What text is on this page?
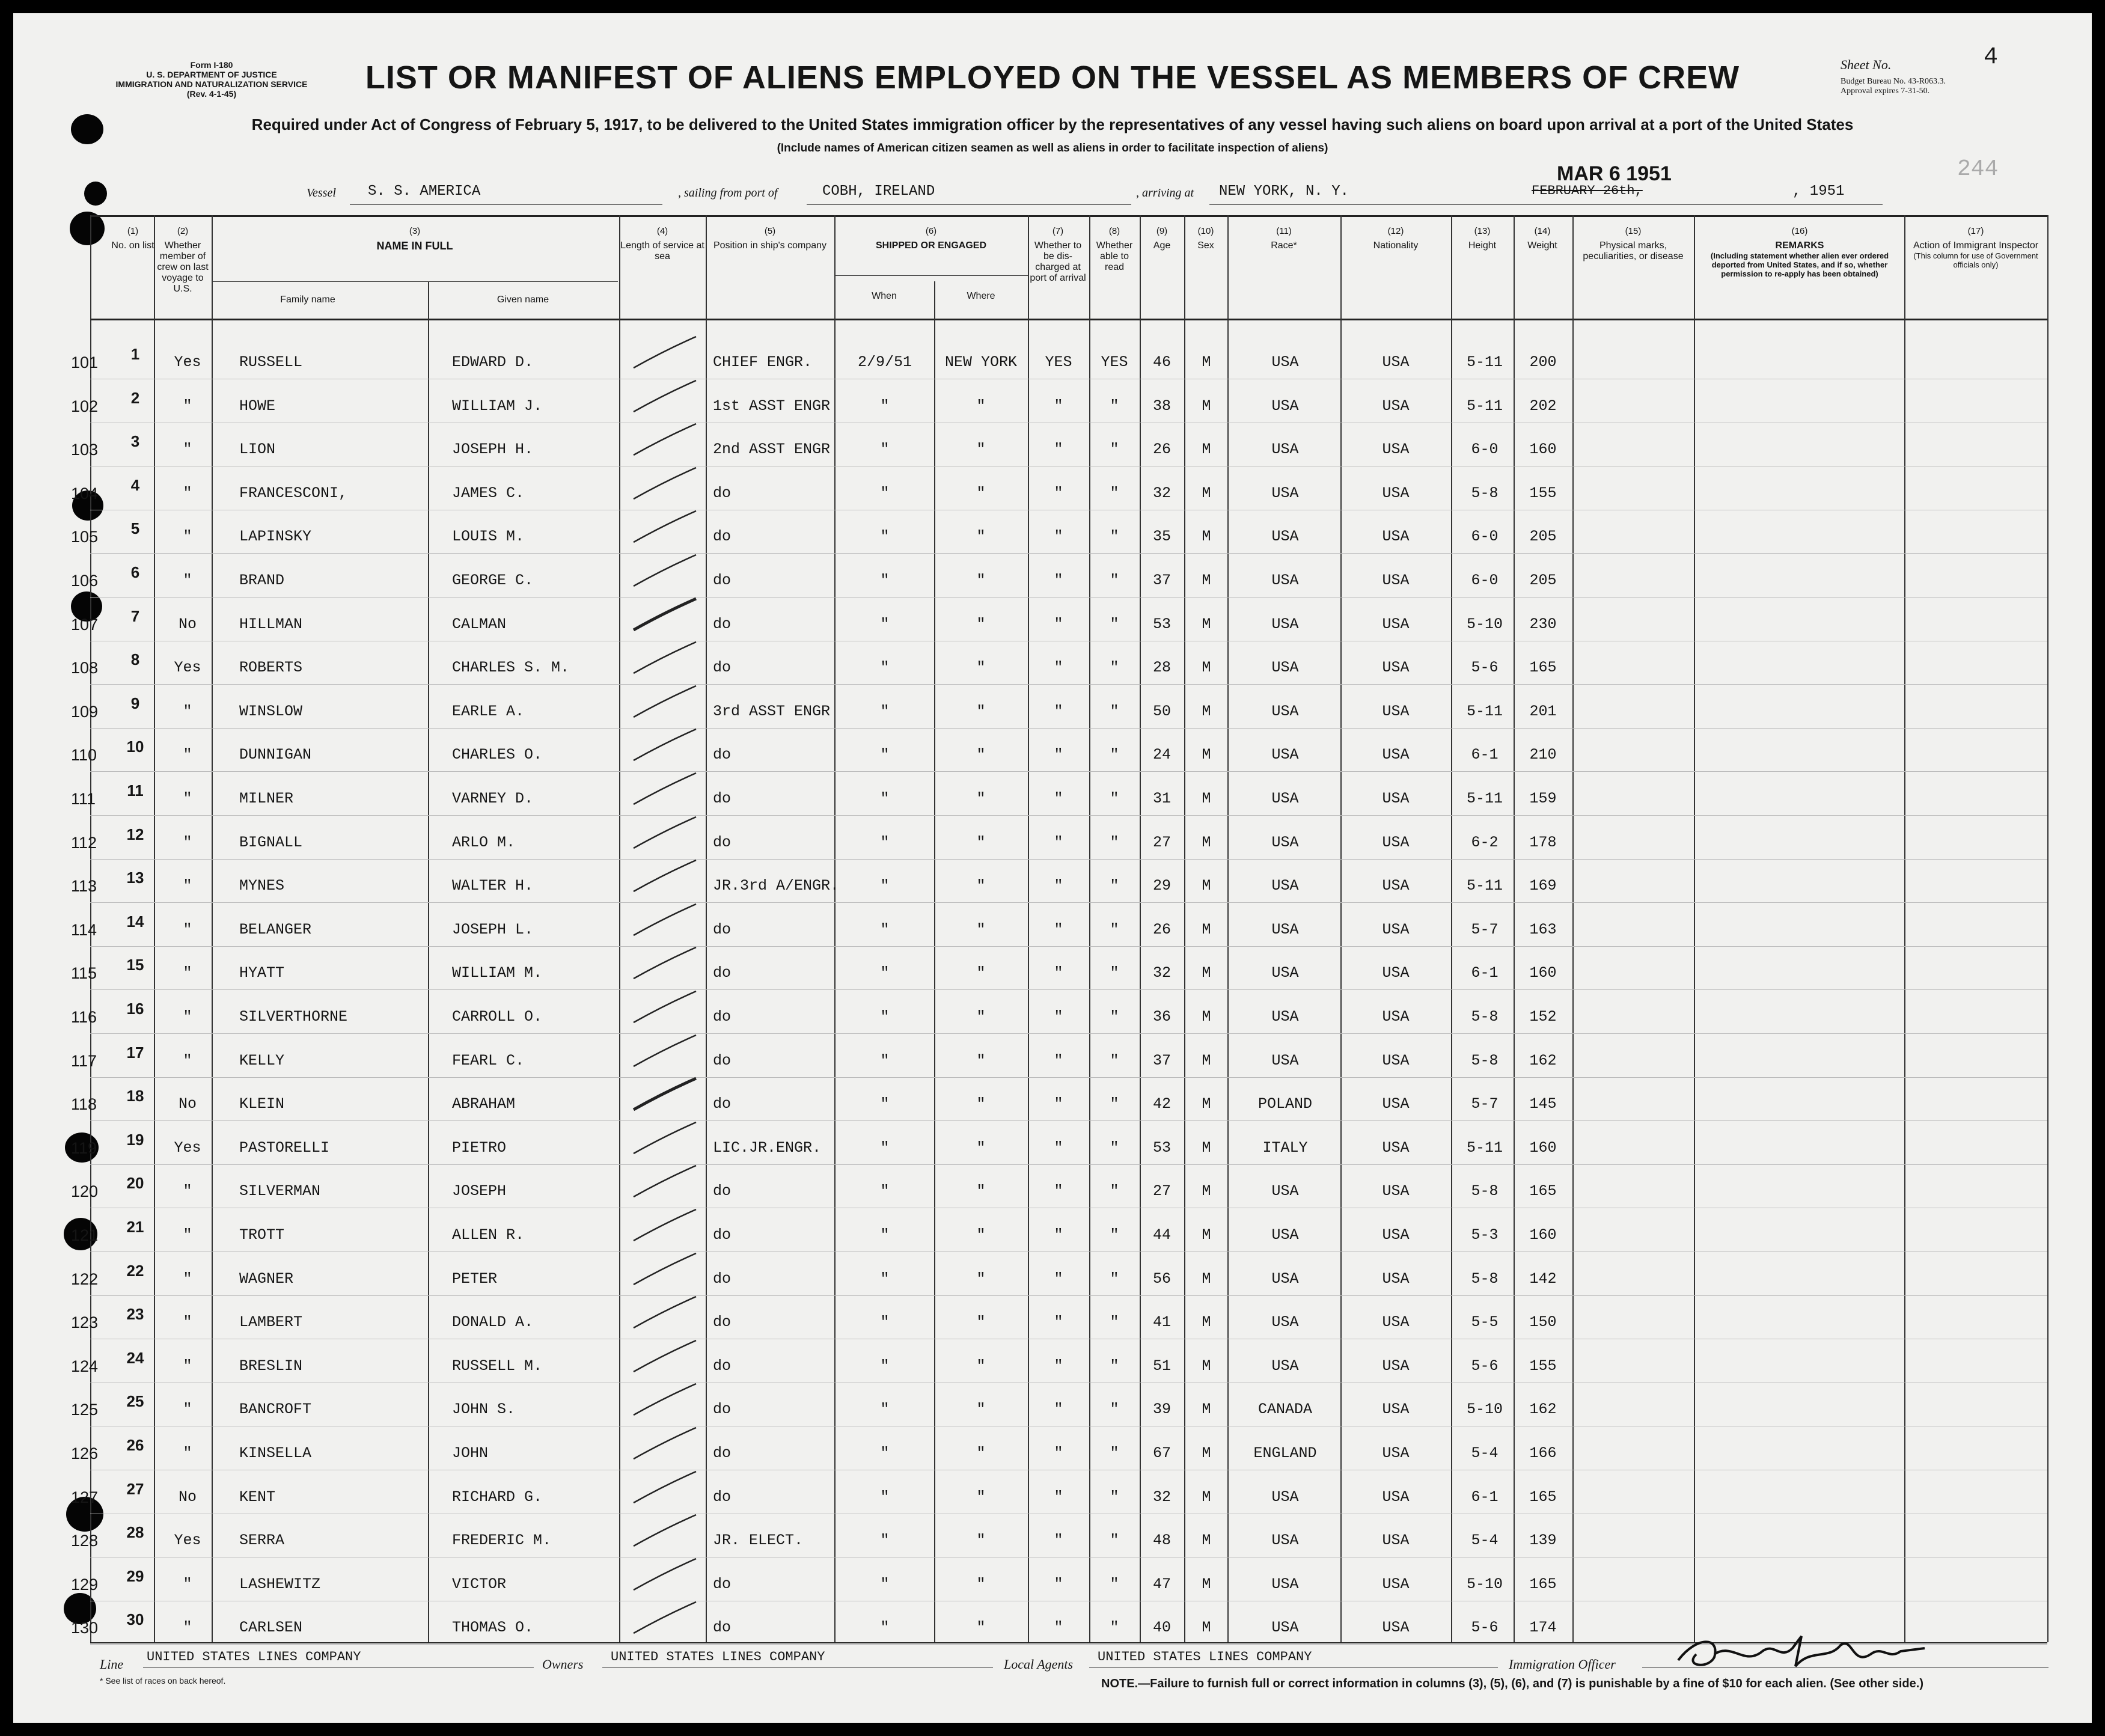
Form I-180
U. S. DEPARTMENT OF JUSTICE
IMMIGRATION AND NATURALIZATION SERVICE
(Rev. 4-1-45)	LIST OR MANIFEST OF ALIENS EMPLOYED ON THE VESSEL AS MEMBERS OF CREW
Required under Act of Congress of February 5, 1917, to be delivered to the United States immigration officer by the representatives of any vessel having such aliens on board upon arrival at a port of the United States
(Include names of American citizen seamen as well as aliens in order to facilitate inspection of aliens)
Sheet No.	4
Budget Bureau No. 43-R063.3.
Approval expires 7-31-50.
244
Vessel S. S. AMERICA	, sailing from port of	COBH, IRELAND	, arriving at NEW YORK, N. Y.
MAR 6 1951
FEBRUARY 26th,	, 1951
(1)
No. on list
(2)
Whether member of crew on last voyage to U.S.
(3)
NAME IN FULL
Family name	Given name
(4)
Length of service at sea
(5)
Position in ship's company
(6)
SHIPPED OR ENGAGED
When	Where
(7)
Whether to be dis-charged at port of arrival
(8)
Whether able to read
(9)
Age
(10)
Sex
(11)
Race*
(12)
Nationality
(13)
Height
(14)
Weight
(15)
Physical marks, peculiarities, or disease
(16)
REMARKS
(Including statement whether alien ever ordered deported from United States, and if so, whether permission to re-apply has been obtained)
(17)
Action of Immigrant Inspector
(This column for use of Government officials only)
101	1	Yes	RUSSELL	EDWARD D.	CHIEF ENGR.	2/9/51	NEW YORK	YES	YES	46	M	USA	USA	5-11	200
102	2	"	HOWE	WILLIAM J.	1st ASST ENGR	"	"	"	"	38	M	USA	USA	5-11	202
103	3	"	LION	JOSEPH H.	2nd ASST ENGR	"	"	"	"	26	M	USA	USA	6-0	160
104	4	"	FRANCESCONI,	JAMES C.	do	"	"	"	"	32	M	USA	USA	5-8	155
105	5	"	LAPINSKY	LOUIS M.	do	"	"	"	"	35	M	USA	USA	6-0	205
106	6	"	BRAND	GEORGE C.	do	"	"	"	"	37	M	USA	USA	6-0	205
107	7	No	HILLMAN	CALMAN	do	"	"	"	"	53	M	USA	USA	5-10	230
108	8	Yes	ROBERTS	CHARLES S. M.	do	"	"	"	"	28	M	USA	USA	5-6	165
109	9	"	WINSLOW	EARLE A.	3rd ASST ENGR	"	"	"	"	50	M	USA	USA	5-11	201
110	10	"	DUNNIGAN	CHARLES O.	do	"	"	"	"	24	M	USA	USA	6-1	210
111	11	"	MILNER	VARNEY D.	do	"	"	"	"	31	M	USA	USA	5-11	159
112	12	"	BIGNALL	ARLO M.	do	"	"	"	"	27	M	USA	USA	6-2	178
113	13	"	MYNES	WALTER H.	JR.3rd A/ENGR.	"	"	"	"	29	M	USA	USA	5-11	169
114	14	"	BELANGER	JOSEPH L.	do	"	"	"	"	26	M	USA	USA	5-7	163
115	15	"	HYATT	WILLIAM M.	do	"	"	"	"	32	M	USA	USA	6-1	160
116	16	"	SILVERTHORNE	CARROLL O.	do	"	"	"	"	36	M	USA	USA	5-8	152
117	17	"	KELLY	FEARL C.	do	"	"	"	"	37	M	USA	USA	5-8	162
118	18	No	KLEIN	ABRAHAM	do	"	"	"	"	42	M	POLAND	USA	5-7	145
119	19	Yes	PASTORELLI	PIETRO	LIC.JR.ENGR.	"	"	"	"	53	M	ITALY	USA	5-11	160
120	20	"	SILVERMAN	JOSEPH	do	"	"	"	"	27	M	USA	USA	5-8	165
121	21	"	TROTT	ALLEN R.	do	"	"	"	"	44	M	USA	USA	5-3	160
122	22	"	WAGNER	PETER	do	"	"	"	"	56	M	USA	USA	5-8	142
123	23	"	LAMBERT	DONALD A.	do	"	"	"	"	41	M	USA	USA	5-5	150
124	24	"	BRESLIN	RUSSELL M.	do	"	"	"	"	51	M	USA	USA	5-6	155
125	25	"	BANCROFT	JOHN S.	do	"	"	"	"	39	M	CANADA	USA	5-10	162
126	26	"	KINSELLA	JOHN	do	"	"	"	"	67	M	ENGLAND	USA	5-4	166
127	27	No	KENT	RICHARD G.	do	"	"	"	"	32	M	USA	USA	6-1	165
128	28	Yes	SERRA	FREDERIC M.	JR. ELECT.	"	"	"	"	48	M	USA	USA	5-4	139
129	29	"	LASHEWITZ	VICTOR	do	"	"	"	"	47	M	USA	USA	5-10	165
130	30	"	CARLSEN	THOMAS O.	do	"	"	"	"	40	M	USA	USA	5-6	174
Line UNITED STATES LINES COMPANY	Owners UNITED STATES LINES COMPANY	Local Agents UNITED STATES LINES COMPANY	Immigration Officer
* See list of races on back hereof.	NOTE.—Failure to furnish full or correct information in columns (3), (5), (6), and (7) is punishable by a fine of $10 for each alien. (See other side.)
